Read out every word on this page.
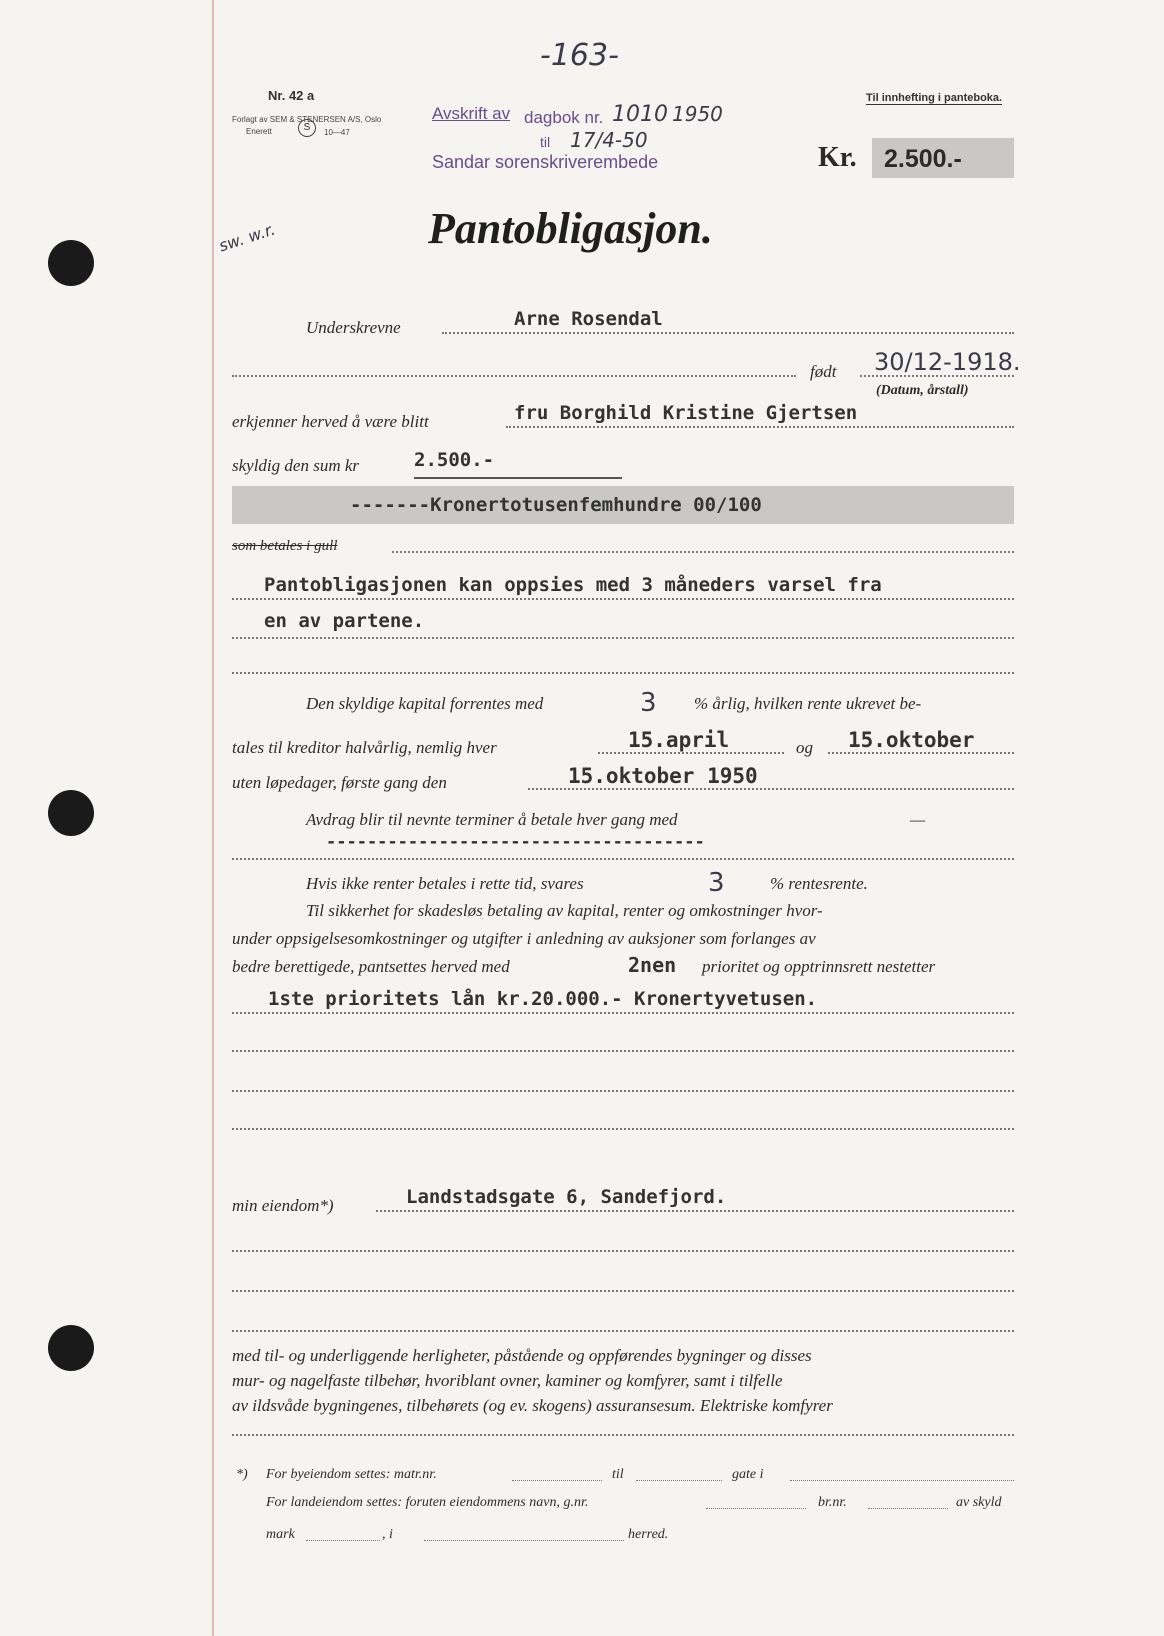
-163-
Nr. 42 a
Forlagt av SEM & STENERSEN A/S, Oslo
Enerett	S	10—47
Til innhefting i panteboka.
Avskrift av dagbok nr. 1010 1950
til 17/4-50
Sandar sorenskriverembede	Kr. 2.500.-
sw. w.r.	Pantobligasjon.
Underskrevne	Arne Rosendal
født 30/12-1918.
(Datum, årstall)
erkjenner herved å være blitt	fru Borghild Kristine Gjertsen
skyldig den sum kr	2.500.-
-------Kronertotusenfemhundre 00/100
som betales i gull
Pantobligasjonen kan oppsies med 3 måneders varsel fra
en av partene.
Den skyldige kapital forrentes med	3 % årlig, hvilken rente ukrevet be-
tales til kreditor halvårlig, nemlig hver	15.april	og 15.oktober
uten løpedager, første gang den	15.oktober 1950
Avdrag blir til nevnte terminer å betale hver gang med	—
-------------------------------------
Hvis ikke renter betales i rette tid, svares	3	% rentesrente.
Til sikkerhet for skadesløs betaling av kapital, renter og omkostninger hvor-
under oppsigelsesomkostninger og utgifter i anledning av auksjoner som forlanges av
bedre berettigede, pantsettes herved med	2nen prioritet og opptrinnsrett nestetter
1ste prioritets lån kr.20.000.- Kronertyvetusen.
min eiendom*)	Landstadsgate 6, Sandefjord.
med til- og underliggende herligheter, påstående og oppførendes bygninger og disses
mur- og nagelfaste tilbehør, hvoriblant ovner, kaminer og komfyrer, samt i tilfelle
av ildsvåde bygningenes, tilbehørets (og ev. skogens) assuransesum. Elektriske komfyrer
*) For byeiendom settes: matr.nr.	til	gate i
For landeiendom settes: foruten eiendommens navn, g.nr.	br.nr.	av skyld
mark	, i	herred.
